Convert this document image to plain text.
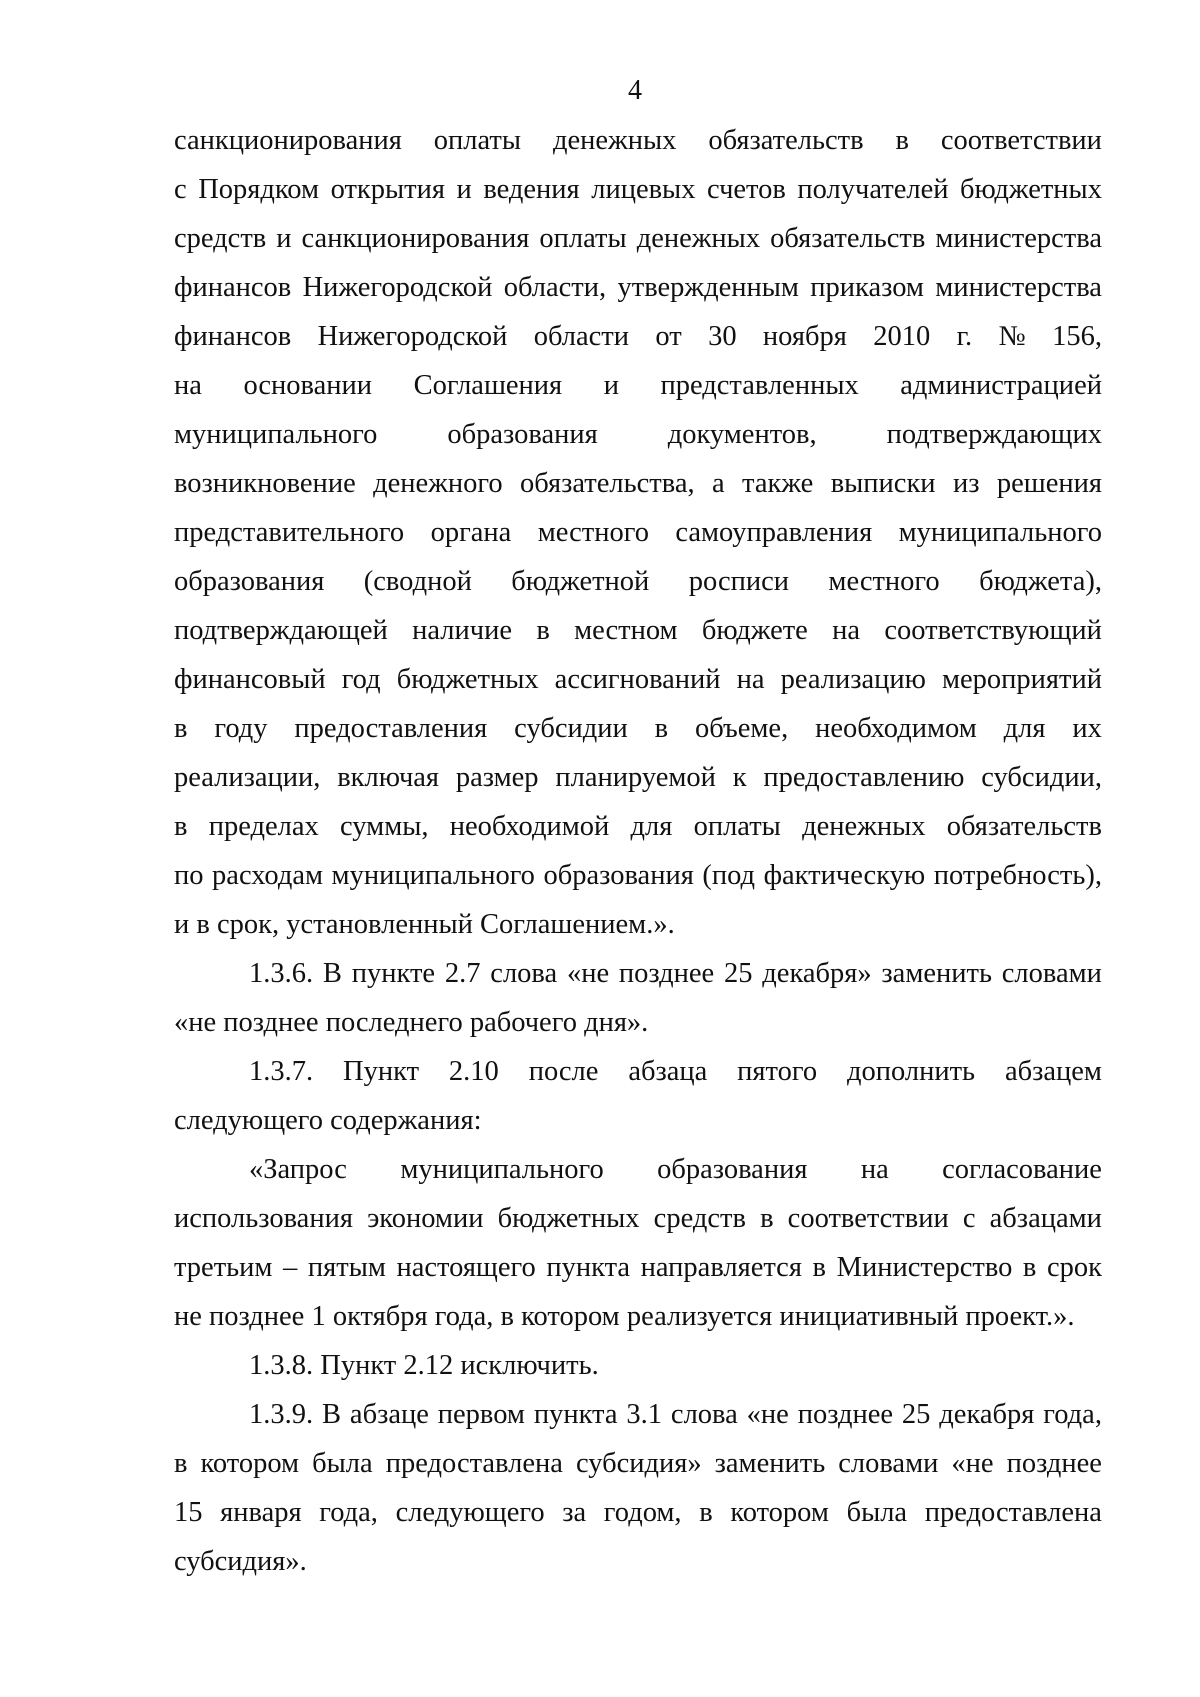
4
санкционирования оплаты денежных обязательств в соответствии
с Порядком открытия и ведения лицевых счетов получателей бюджетных
средств и санкционирования оплаты денежных обязательств министерства
финансов Нижегородской области, утвержденным приказом министерства
финансов Нижегородской области от 30 ноября 2010 г. № 156,
на основании Соглашения и представленных администрацией
муниципального образования документов, подтверждающих
возникновение денежного обязательства, а также выписки из решения
представительного органа местного самоуправления муниципального
образования (сводной бюджетной росписи местного бюджета),
подтверждающей наличие в местном бюджете на соответствующий
финансовый год бюджетных ассигнований на реализацию мероприятий
в году предоставления субсидии в объеме, необходимом для их
реализации, включая размер планируемой к предоставлению субсидии,
в пределах суммы, необходимой для оплаты денежных обязательств
по расходам муниципального образования (под фактическую потребность),
и в срок, установленный Соглашением.».
1.3.6. В пункте 2.7 слова «не позднее 25 декабря» заменить словами
«не позднее последнего рабочего дня».
1.3.7. Пункт 2.10 после абзаца пятого дополнить абзацем
следующего содержания:
«Запрос муниципального образования на согласование
использования экономии бюджетных средств в соответствии с абзацами
третьим – пятым настоящего пункта направляется в Министерство в срок
не позднее 1 октября года, в котором реализуется инициативный проект.».
1.3.8. Пункт 2.12 исключить.
1.3.9. В абзаце первом пункта 3.1 слова «не позднее 25 декабря года,
в котором была предоставлена субсидия» заменить словами «не позднее
15 января года, следующего за годом, в котором была предоставлена
субсидия».
